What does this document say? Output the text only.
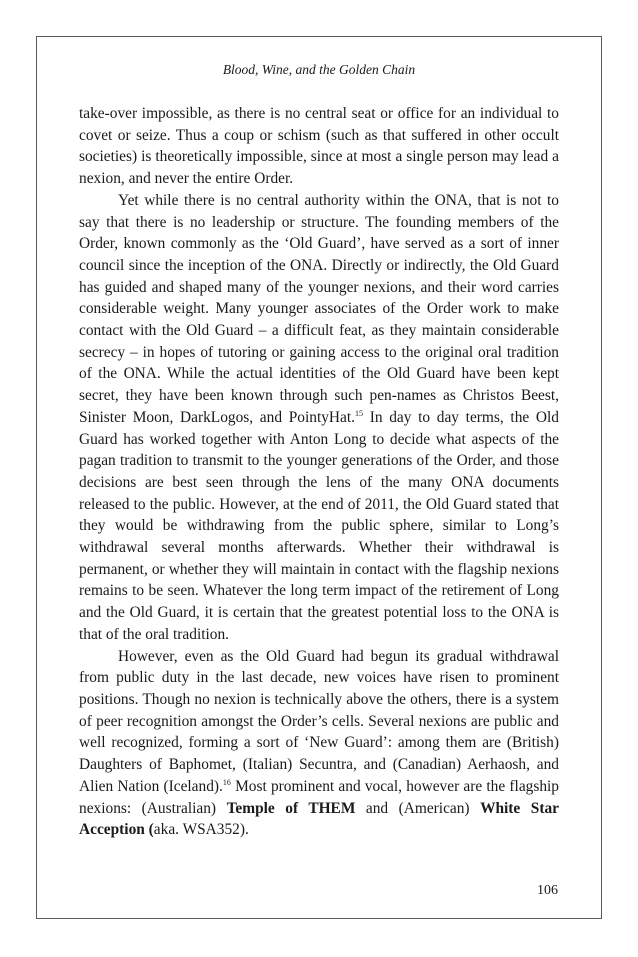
Blood, Wine, and the Golden Chain

take-over impossible, as there is no central seat or office for an individual to covet or seize. Thus a coup or schism (such as that suffered in other occult societies) is theoretically impossible, since at most a single person may lead a nexion, and never the entire Order.

Yet while there is no central authority within the ONA, that is not to say that there is no leadership or structure. The founding members of the Order, known commonly as the ‘Old Guard’, have served as a sort of inner council since the inception of the ONA. Directly or indirectly, the Old Guard has guided and shaped many of the younger nexions, and their word carries considerable weight. Many younger associates of the Order work to make contact with the Old Guard – a difficult feat, as they maintain considerable secrecy – in hopes of tutoring or gaining access to the original oral tradition of the ONA. While the actual identities of the Old Guard have been kept secret, they have been known through such pen-names as Christos Beest, Sinister Moon, DarkLogos, and PointyHat.$^{15}$ In day to day terms, the Old Guard has worked together with Anton Long to decide what aspects of the pagan tradition to transmit to the younger generations of the Order, and those decisions are best seen through the lens of the many ONA documents released to the public. However, at the end of 2011, the Old Guard stated that they would be withdrawing from the public sphere, similar to Long’s withdrawal several months afterwards. Whether their withdrawal is permanent, or whether they will maintain in contact with the flagship nexions remains to be seen. Whatever the long term impact of the retirement of Long and the Old Guard, it is certain that the greatest potential loss to the ONA is that of the oral tradition.

However, even as the Old Guard had begun its gradual withdrawal from public duty in the last decade, new voices have risen to prominent positions. Though no nexion is technically above the others, there is a system of peer recognition amongst the Order’s cells. Several nexions are public and well recognized, forming a sort of ‘New Guard’: among them are (British) Daughters of Baphomet, (Italian) Secuntra, and (Canadian) Aerhaosh, and Alien Nation (Iceland).$^{16}$ Most prominent and vocal, however are the flagship nexions: (Australian) Temple of THEM and (American) White Star Acception (aka. WSA352).

106
